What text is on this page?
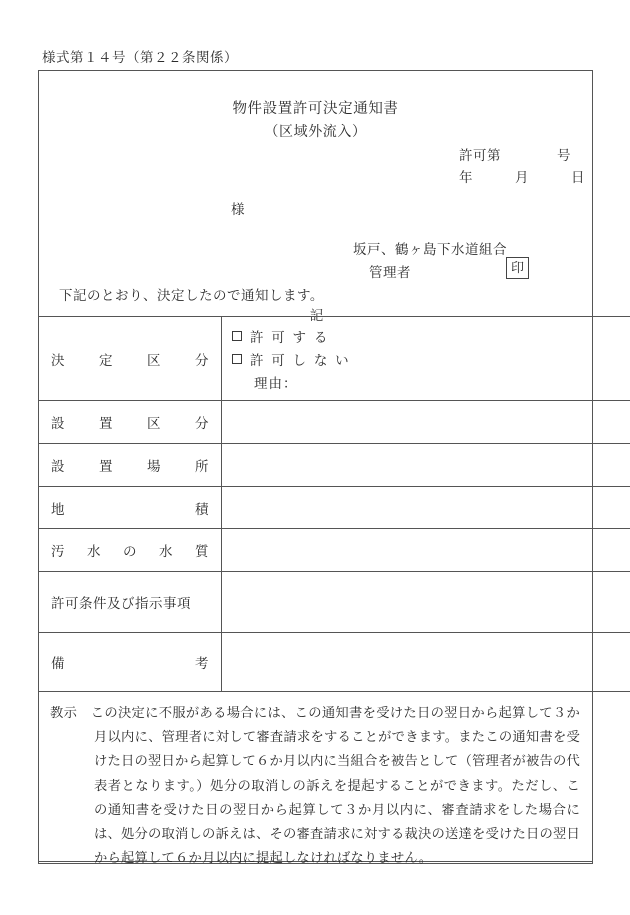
様式第１４号（第２２条関係）
物件設置許可決定通知書
（区域外流入）
許可第　　　　号
年　　　月　　　日
様
坂戸、鶴ヶ島下水道組合
管理者	印
下記のとおり、決定したので通知します。
記
決	定	区	分

許 可 す る
許 可 し な い
理由：

設 置 区 分	

設 置 場 所	

地 積	

汚 水 の 水 質	

許可条件及び指示事項	

備 考	

教示　この決定に不服がある場合には、この通知書を受けた日の翌日から起算して３か月以内に、管理者に対して審査請求をすることができます。またこの通知書を受けた日の翌日から起算して６か月以内に当組合を被告として（管理者が被告の代表者となります。）処分の取消しの訴えを提起することができます。ただし、この通知書を受けた日の翌日から起算して３か月以内に、審査請求をした場合には、処分の取消しの訴えは、その審査請求に対する裁決の送達を受けた日の翌日から起算して６か月以内に提起しなければなりません。
